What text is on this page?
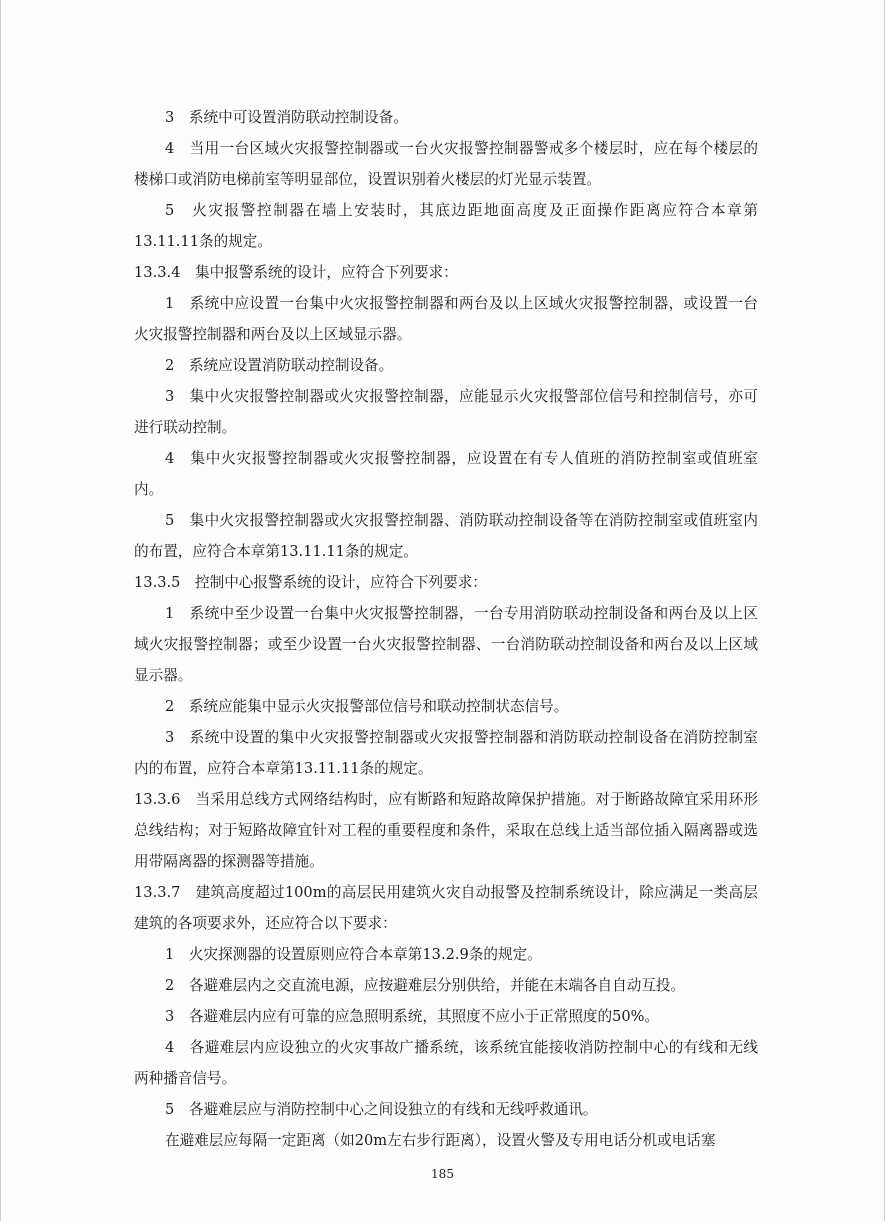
3　系统中可设置消防联动控制设备。

4　当用一台区域火灾报警控制器或一台火灾报警控制器警戒多个楼层时，应在每个楼层的楼梯口或消防电梯前室等明显部位，设置识别着火楼层的灯光显示装置。

5　火灾报警控制器在墙上安装时，其底边距地面高度及正面操作距离应符合本章第13.11.11条的规定。

13.3.4　集中报警系统的设计，应符合下列要求：

1　系统中应设置一台集中火灾报警控制器和两台及以上区域火灾报警控制器，或设置一台火灾报警控制器和两台及以上区域显示器。

2　系统应设置消防联动控制设备。

3　集中火灾报警控制器或火灾报警控制器，应能显示火灾报警部位信号和控制信号，亦可进行联动控制。

4　集中火灾报警控制器或火灾报警控制器，应设置在有专人值班的消防控制室或值班室内。

5　集中火灾报警控制器或火灾报警控制器、消防联动控制设备等在消防控制室或值班室内的布置，应符合本章第13.11.11条的规定。

13.3.5　控制中心报警系统的设计，应符合下列要求：

1　系统中至少设置一台集中火灾报警控制器，一台专用消防联动控制设备和两台及以上区域火灾报警控制器；或至少设置一台火灾报警控制器、一台消防联动控制设备和两台及以上区域显示器。

2　系统应能集中显示火灾报警部位信号和联动控制状态信号。

3　系统中设置的集中火灾报警控制器或火灾报警控制器和消防联动控制设备在消防控制室内的布置，应符合本章第13.11.11条的规定。

13.3.6　当采用总线方式网络结构时，应有断路和短路故障保护措施。对于断路故障宜采用环形总线结构；对于短路故障宜针对工程的重要程度和条件，采取在总线上适当部位插入隔离器或选用带隔离器的探测器等措施。

13.3.7　建筑高度超过100m的高层民用建筑火灾自动报警及控制系统设计，除应满足一类高层建筑的各项要求外，还应符合以下要求：

1　火灾探测器的设置原则应符合本章第13.2.9条的规定。

2　各避难层内之交直流电源，应按避难层分别供给，并能在末端各自自动互投。

3　各避难层内应有可靠的应急照明系统，其照度不应小于正常照度的50%。

4　各避难层内应设独立的火灾事故广播系统，该系统宜能接收消防控制中心的有线和无线两种播音信号。

5　各避难层应与消防控制中心之间设独立的有线和无线呼救通讯。

在避难层应每隔一定距离（如20m左右步行距离），设置火警及专用电话分机或电话塞

185
